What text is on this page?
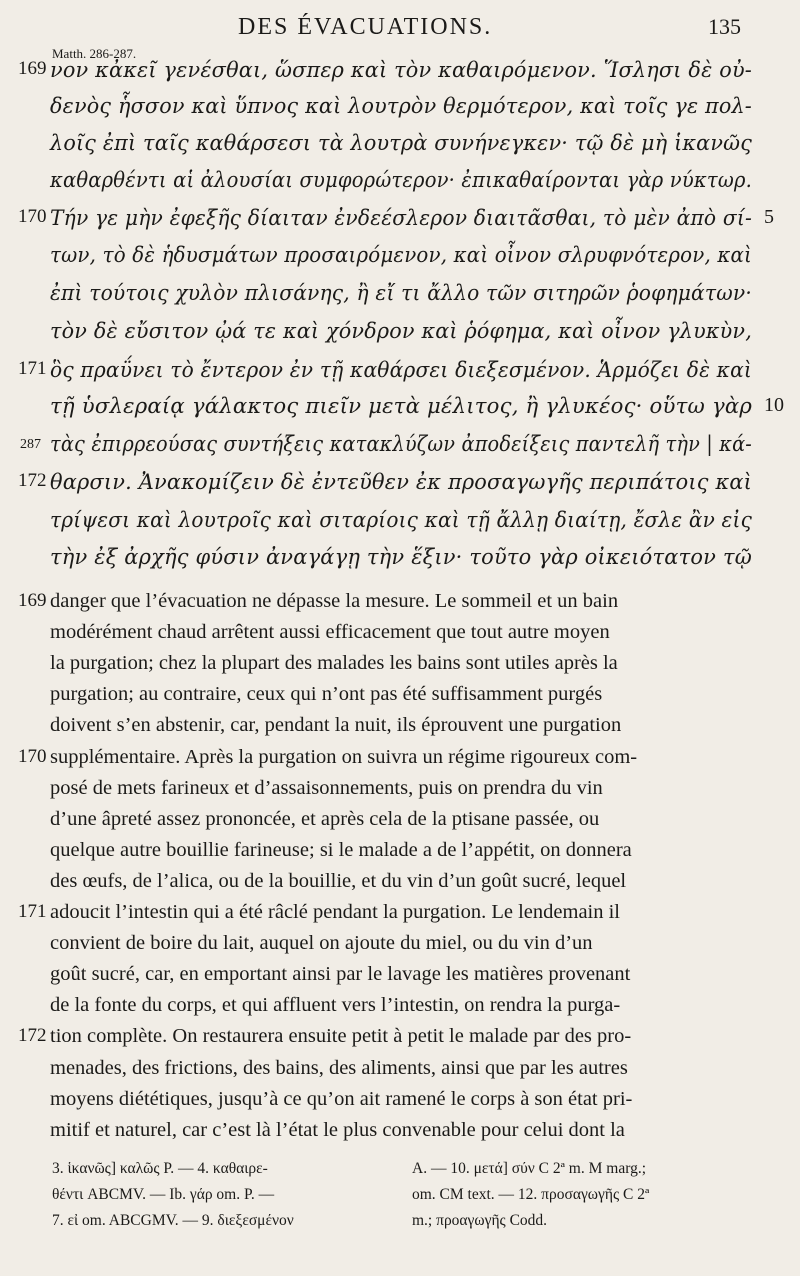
DES ÉVACUATIONS.	135
Matth. 286-287.
169 νον κἀκεῖ γενέσθαι, ὥσπερ καὶ τὸν καθαιρόμενον. Ἵσλησι δὲ οὐ-
δενὸς ἧσσον καὶ ὕπνος καὶ λουτρὸν θερμότερον, καὶ τοῖς γε πολ-
λοῖς ἐπὶ ταῖς καθάρσεσι τὰ λουτρὰ συνήνεγκεν· τῷ δὲ μὴ ἱκανῶς
καθαρθέντι αἱ ἀλουσίαι συμφορώτερον· ἐπικαθαίρονται γὰρ νύκτωρ.
170 Τήν γε μὴν ἐφεξῆς δίαιταν ἐνδεέσλερον διαιτᾶσθαι, τὸ μὲν ἀπὸ σί- 5
των, τὸ δὲ ἡδυσμάτων προσαιρόμενον, καὶ οἶνον σλρυφνότερον, καὶ
ἐπὶ τούτοις χυλὸν πλισάνης, ἢ εἴ τι ἄλλο τῶν σιτηρῶν ῥοφημάτων·
τὸν δὲ εὔσιτον ᾠά τε καὶ χόνδρον καὶ ῥόφημα, καὶ οἶνον γλυκὺν,
171 ὃς πραΰνει τὸ ἔντερον ἐν τῇ καθάρσει διεξεσμένον. Ἁρμόζει δὲ καὶ
τῇ ὑσλεραίᾳ γάλακτος πιεῖν μετὰ μέλιτος, ἢ γλυκέος· οὕτω γὰρ 10
287 τὰς ἐπιρρεούσας συντήξεις κατακλύζων ἀποδείξεις παντελῆ τὴν | κά-
172 θαρσιν. Ἀνακομίζειν δὲ ἐντεῦθεν ἐκ προσαγωγῆς περιπάτοις καὶ
τρίψεσι καὶ λουτροῖς καὶ σιταρίοις καὶ τῇ ἄλλῃ διαίτῃ, ἔσλε ἂν εἰς
τὴν ἐξ ἀρχῆς φύσιν ἀναγάγῃ τὴν ἕξιν· τοῦτο γὰρ οἰκειότατον τῷ
169 danger que l’évacuation ne dépasse la mesure. Le sommeil et un bain
modérément chaud arrêtent aussi efficacement que tout autre moyen
la purgation; chez la plupart des malades les bains sont utiles après la
purgation; au contraire, ceux qui n’ont pas été suffisamment purgés
doivent s’en abstenir, car, pendant la nuit, ils éprouvent une purgation
170 supplémentaire. Après la purgation on suivra un régime rigoureux com-
posé de mets farineux et d’assaisonnements, puis on prendra du vin
d’une âpreté assez prononcée, et après cela de la ptisane passée, ou
quelque autre bouillie farineuse; si le malade a de l’appétit, on donnera
des œufs, de l’alica, ou de la bouillie, et du vin d’un goût sucré, lequel
171 adoucit l’intestin qui a été râclé pendant la purgation. Le lendemain il
convient de boire du lait, auquel on ajoute du miel, ou du vin d’un
goût sucré, car, en emportant ainsi par le lavage les matières provenant
de la fonte du corps, et qui affluent vers l’intestin, on rendra la purga-
172 tion complète. On restaurera ensuite petit à petit le malade par des pro-
menades, des frictions, des bains, des aliments, ainsi que par les autres
moyens diététiques, jusqu’à ce qu’on ait ramené le corps à son état pri-
mitif et naturel, car c’est là l’état le plus convenable pour celui dont la
3. ἱκανῶς] καλῶς P. — 4. καθαιρε-
θέντι ABCMV. — Ib. γάρ om. P. —
7. εἰ om. ABCGMV. — 9. διεξεσμένον
A. — 10. μετά] σύν C 2ª m. M marg.;
om. CM text. — 12. προσαγωγῆς C 2ª
m.; προαγωγῆς Codd.
